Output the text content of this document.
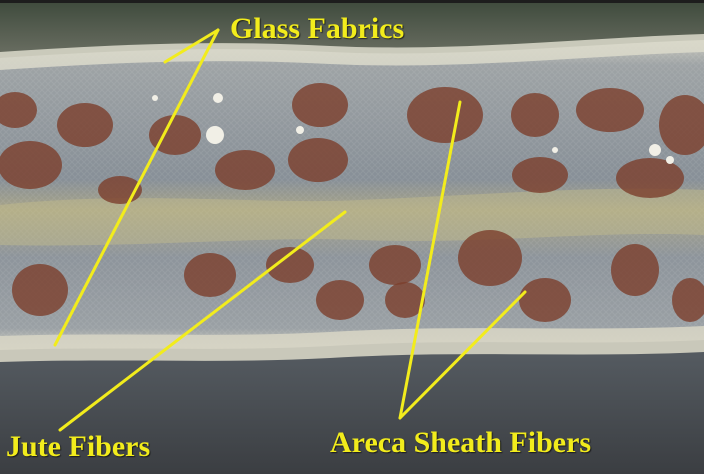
Glass Fabrics
Jute Fibers	Areca Sheath Fibers
